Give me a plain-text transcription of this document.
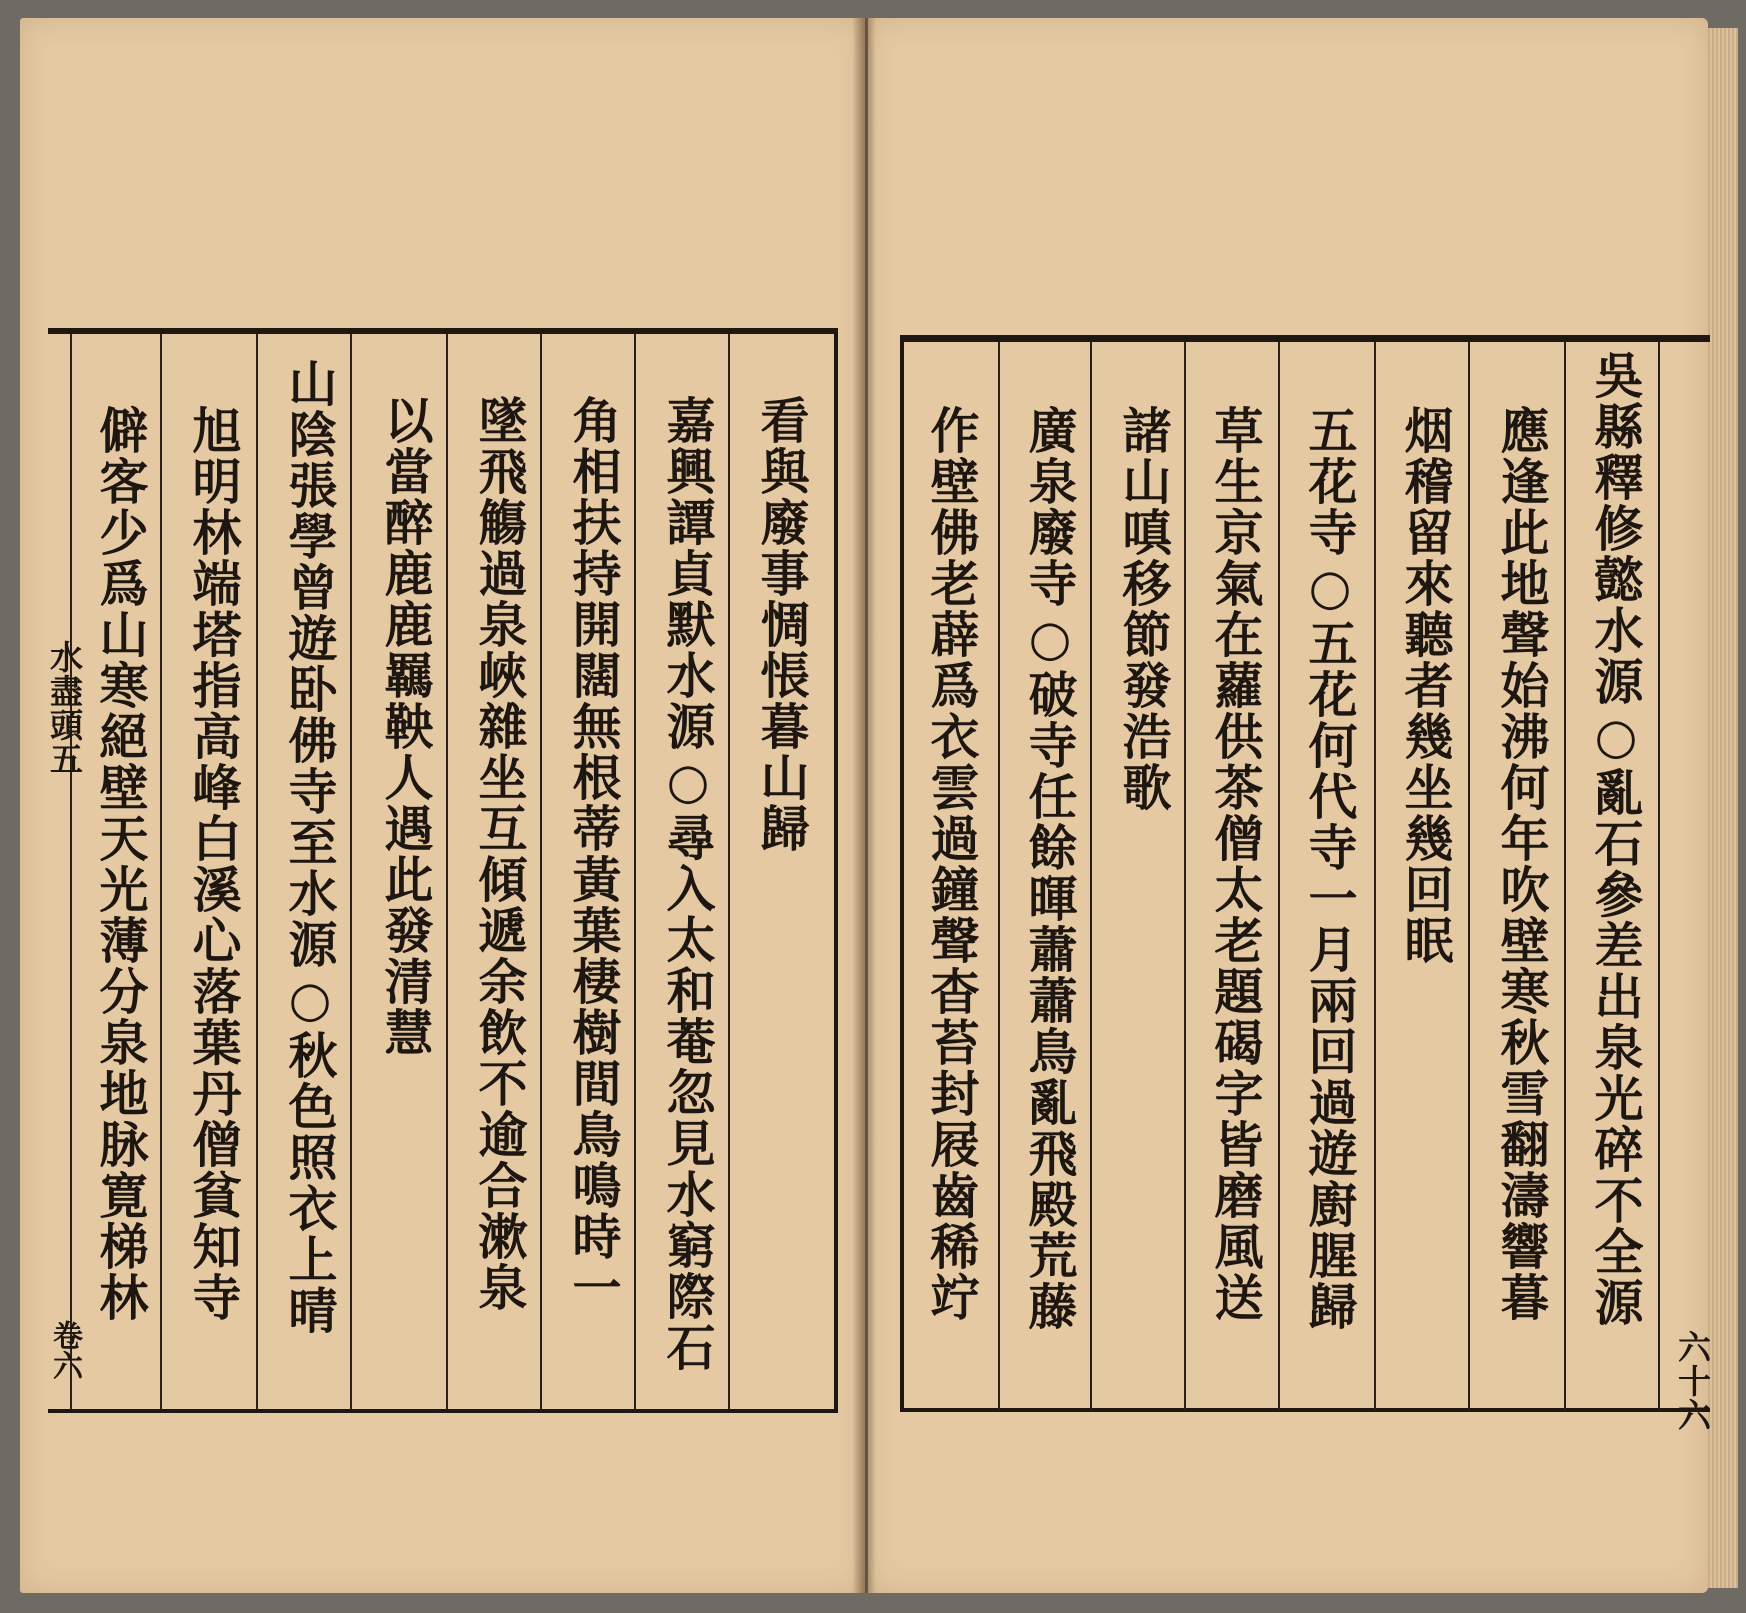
水盡頭五
卷六
看與廢事惆悵暮山歸
嘉興譚貞默水源○尋入太和菴忽見水窮際石
角相扶持開闊無根蒂黃葉棲樹間鳥鳴時一
墜飛觴過泉峽雜坐互傾遞余飲不逾合漱泉
以當醉鹿鹿羈鞅人遇此發清慧
山陰張學曾遊卧佛寺至水源○秋色照衣上晴
旭明林端塔指高峰白溪心落葉丹僧貧知寺
僻客少爲山寒絕壁天光薄分泉地脉寛梯林
六十六
吳縣釋修懿水源○亂石參差出泉光碎不全源
應逢此地聲始沸何年吹壁寒秋雪翻濤響暮
烟稽留來聽者幾坐幾回眠
五花寺○五花何代寺一月兩回過遊廚腥歸
草生京氣在蘿供茶僧太老題碣字皆磨風送
諸山嗔移節發浩歌
廣泉廢寺○破寺任餘暉蕭蕭鳥亂飛殿荒藤
作壁佛老薜爲衣雲過鐘聲杳苔封屐齒稀竚
